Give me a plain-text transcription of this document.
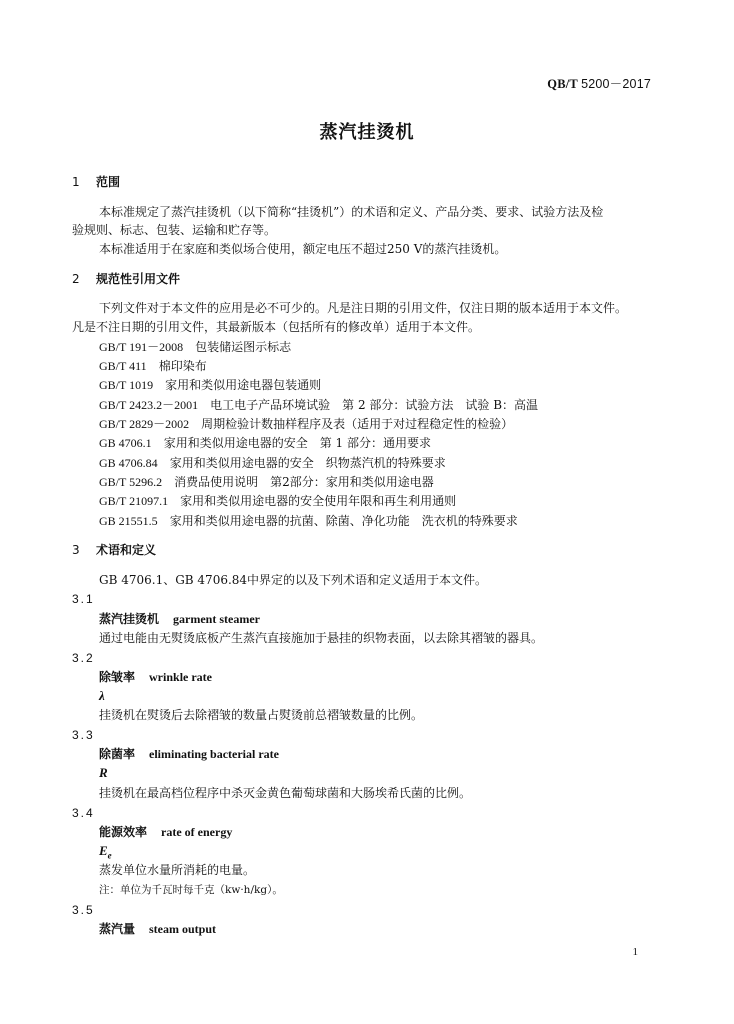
QB/T 5200－2017
蒸汽挂烫机
1 范围
本标准规定了蒸汽挂烫机（以下简称“挂烫机”）的术语和定义、产品分类、要求、试验方法及检
验规则、标志、包装、运输和贮存等。
本标准适用于在家庭和类似场合使用，额定电压不超过250 V的蒸汽挂烫机。
2 规范性引用文件
下列文件对于本文件的应用是必不可少的。凡是注日期的引用文件，仅注日期的版本适用于本文件。
凡是不注日期的引用文件，其最新版本（包括所有的修改单）适用于本文件。
GB/T 191－2008　 包装储运图示标志
GB/T 411　 棉印染布
GB/T 1019　 家用和类似用途电器包装通则
GB/T 2423.2－2001　 电工电子产品环境试验　第 2 部分：试验方法　试验 B：高温
GB/T 2829－2002　 周期检验计数抽样程序及表（适用于对过程稳定性的检验）
GB 4706.1　 家用和类似用途电器的安全　第 1 部分：通用要求
GB 4706.84　 家用和类似用途电器的安全　织物蒸汽机的特殊要求
GB/T 5296.2　 消费品使用说明　第2部分：家用和类似用途电器
GB/T 21097.1　 家用和类似用途电器的安全使用年限和再生利用通则
GB 21551.5　 家用和类似用途电器的抗菌、除菌、净化功能　洗衣机的特殊要求
3 术语和定义
GB 4706.1、GB 4706.84中界定的以及下列术语和定义适用于本文件。
3.1
蒸汽挂烫机 garment steamer
通过电能由无熨烫底板产生蒸汽直接施加于悬挂的织物表面，以去除其褶皱的器具。
3.2
除皱率 wrinkle rate
λ
挂烫机在熨烫后去除褶皱的数量占熨烫前总褶皱数量的比例。
3.3
除菌率 eliminating bacterial rate
R
挂烫机在最高档位程序中杀灭金黄色葡萄球菌和大肠埃希氏菌的比例。
3.4
能源效率 rate of energy
$E_e$
蒸发单位水量所消耗的电量。
注：单位为千瓦时每千克（kw·h/kg）。
3.5
蒸汽量 steam output
1
